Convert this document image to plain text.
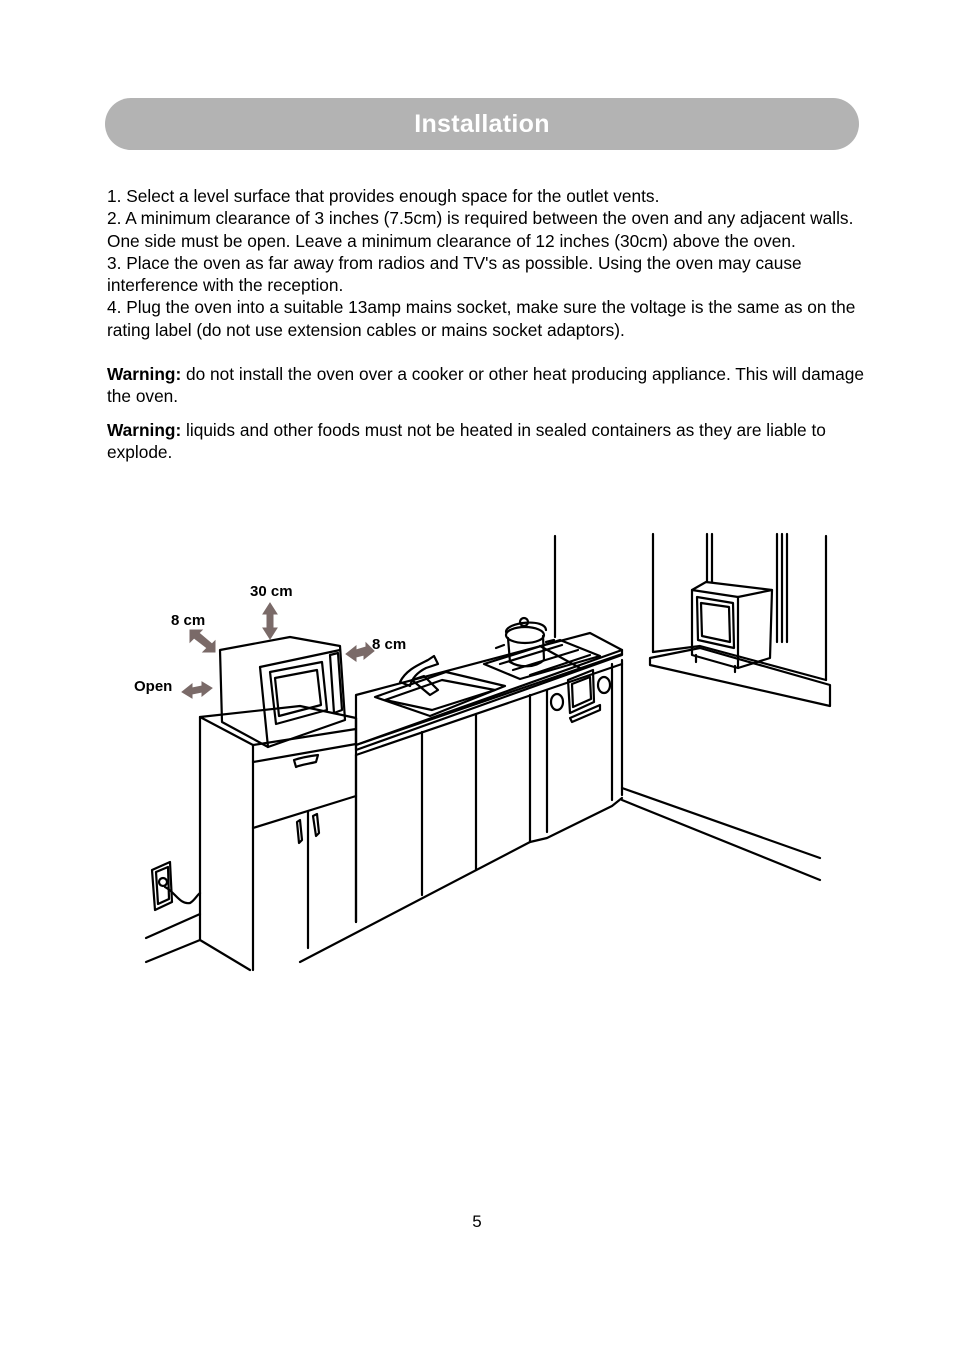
Installation

1. Select a level surface that provides enough space for the outlet vents.

2. A minimum clearance of 3 inches (7.5cm) is required between the oven and any adjacent walls. One side must be open. Leave a minimum clearance of 12 inches (30cm) above the oven.

3. Place the oven as far away from radios and TV's as possible. Using the oven may cause interference with the reception.

4. Plug the oven into a suitable 13amp mains socket, make sure the voltage is the same as on the rating label (do not use extension cables or mains socket adaptors).

Warning: do not install the oven over a cooker or other heat producing appliance. This will damage the oven.

Warning: liquids and other foods must not be heated in sealed containers as they are liable to explode.

30 cm
8 cm
8 cm
Open
5
